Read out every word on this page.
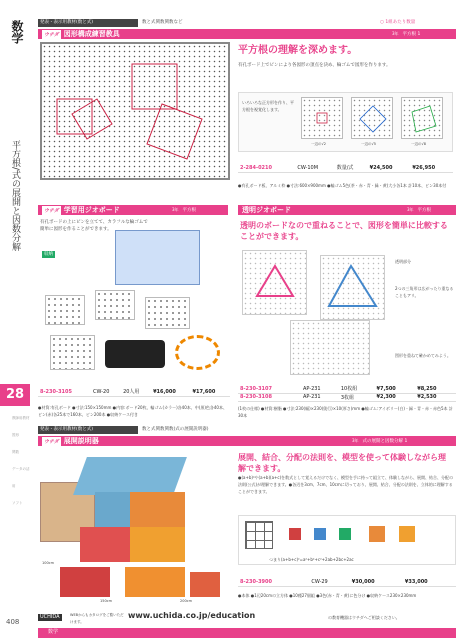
数学
平方根/式の展開と因数分解
28
教師用教材
図形
関数
データの活用
ソフト
408
発表・表示用教材(数と式)	数と式関数関数など	○ 1組あたり数量
ウチダ 図形構成練習教具	3年 平方根 1
平方根の理解を深めます。
有孔ボード上でピンにより各図形の頂点を決め、輪ゴムで図形を作ります。
いろいろな正方形を作り、平方根を視覚化します。
一辺の√2	一辺の√5	一辺の√8
2-284-0210	CW-10M	数量/式	¥24,500	¥26,950
●有孔ボード板、アルミ枠 ●寸法:600×900mm ●輪ゴム5色(茶・赤・青・緑・黄)大小各1本 計10本、ピン30本付
ウチダ 学習用ジオボード	3年 平方根
有孔ボードの上にピンを立てて、カラフルな輪ゴムで簡単に図形を作ることができます。
収納
8-230-3105	CW-20	20人用	¥16,000	¥17,600
●材質:有孔ボード ●寸法:150×150mm ●内容:ボード20枚、輪ゴム(カラー)各40本、中(黒)色各40本、ピン(赤)各25本で160本、ピン200本 ●収納ケース付き
透明ジオボード	3年 平方根
透明のボードなので重ねることで、図形を簡単に比較することができます。
透明部分
2つの三角形は広がったり重なることもアリ。
図形を重ねて確かめてみよう。
8-230-3107	AP-231	10枚組	¥7,500	¥8,250
8-230-3108	AP-231	3枚組	¥2,300	¥2,530
(1枚の仕様) ●材質:樹脂 ●寸法:230(幅)×230(奥行)×10(厚さ)mm ●輪ゴム:アイボリー(白)・緑・青・赤・赤色5本 計30本
発表・表示用教材(数と式)	数と式関数関数(式の展開説明器)
ウチダ 展開説明器	3年 式の展開と因数分解 1
100cm
150cm	200cm
展開、結合、分配の法則を、模型を使って体験しながら理解できます。
●(a+b)²や(a+b)(a+c)を数式として覚えるだけでなく、模型を手に持って組立て、体験しながら、展開、結合、分配の法則(公式)が理解できます。●各辺を3cm、7cm、10cmに切っており、展開、結合、分配の法則を、立体的に理解することができます。
つまり(a+b+c)²=a²+b²+c²+2ab+2bc+2ac
8-230-3900	CW-29	¥30,000	¥33,000
●本体 ●1辺20cmの立方体 ●10種27個組 ●3色(赤・青・黄)に色分け ●収納ケース230×230mm
UCHIDA	WEBからもカタログをご覧いただけます。
www.uchida.co.jp/education	の教育機器はウチダへご相談ください。
数学
